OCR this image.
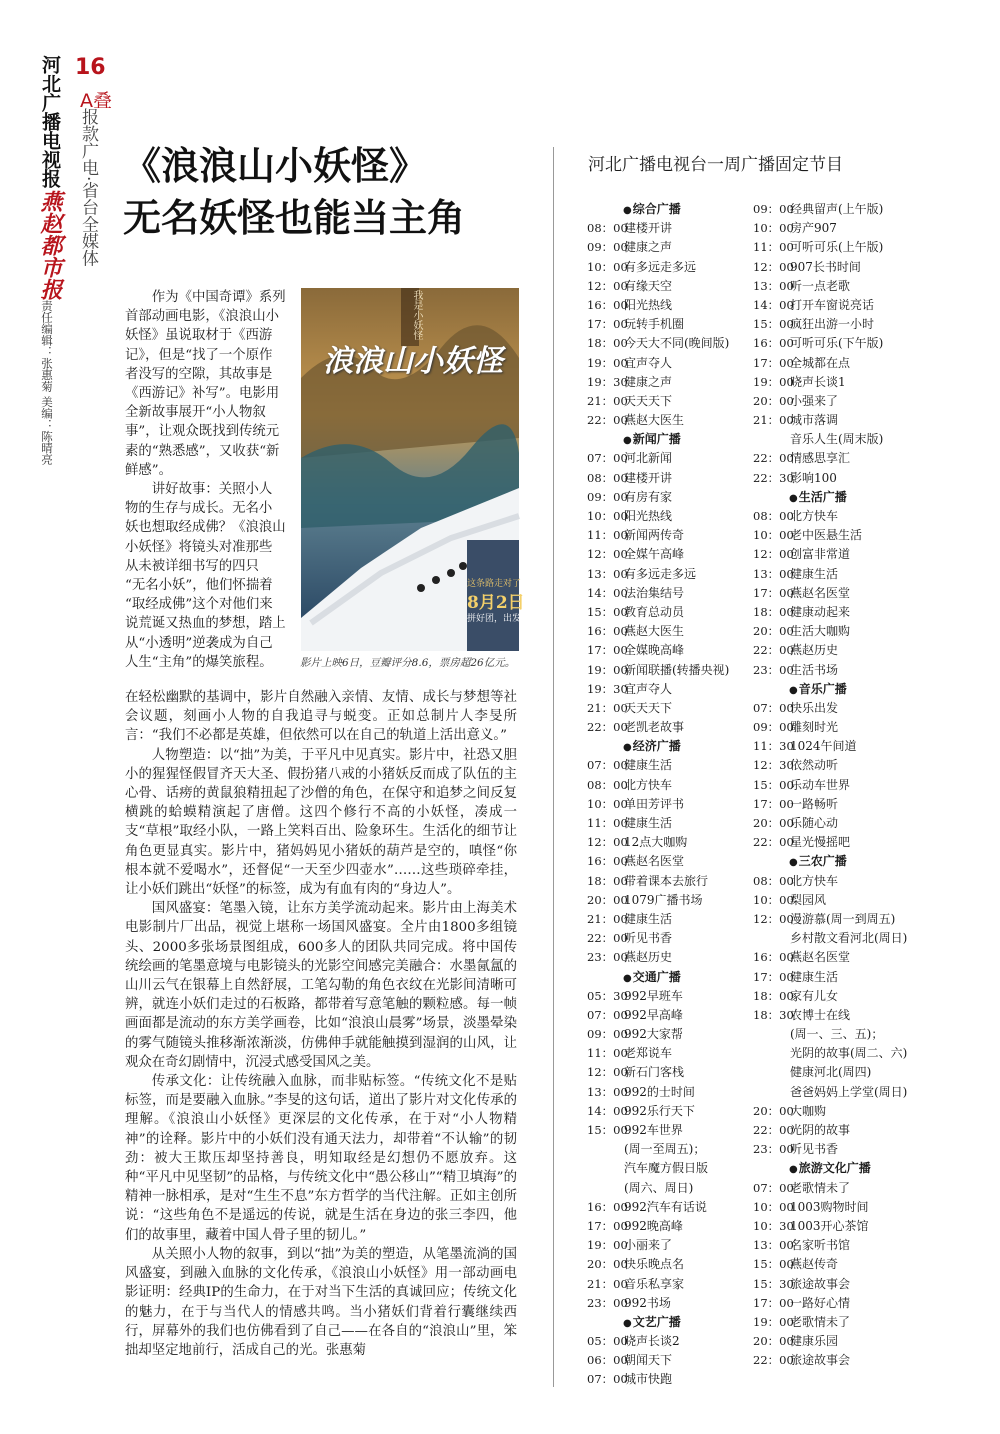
河北广播电视报
燕赵都市报
责任编辑：张惠菊 美编：陈晴亮
16
A叠
报款广电·省台全媒体 《浪浪山小妖怪》
无名妖怪也能当主角
作为《中国奇谭》系列
首部动画电影，《浪浪山小
妖怪》虽说取材于《西游
记》，但是“找了一个原作
者没写的空隙，其故事是
《西游记》补写”。电影用
全新故事展开“小人物叙
事”，让观众既找到传统元
素的“熟悉感”，又收获“新
鲜感”。
讲好故事：关照小人
物的生存与成长。无名小
妖也想取经成佛？《浪浪山
小妖怪》将镜头对准那些
从未被详细书写的四只
“无名小妖”，他们怀揣着
“取经成佛”这个对他们来
说荒诞又热血的梦想，踏上
从“小透明”逆袭成为自己
人生“主角”的爆笑旅程。
浪浪山小妖怪
我是小妖怪
这条路走对了
8月2日
拼好团，出发！
影片上映6日，豆瓣评分8.6，票房超26亿元。

在轻松幽默的基调中，影片自然融入亲情、友情、成长与梦想等社会议题，刻画小人物的自我追寻与蜕变。正如总制片人李旻所言：“我们不必都是英雄，但依然可以在自己的轨道上活出意义。”

人物塑造：以“拙”为美，于平凡中见真实。影片中，社恐又胆小的猩猩怪假冒齐天大圣、假扮猪八戒的小猪妖反而成了队伍的主心骨、话痨的黄鼠狼精扭起了沙僧的角色，在保守和追梦之间反复横跳的蛤蟆精演起了唐僧。这四个修行不高的小妖怪，凑成一支“草根”取经小队，一路上笑料百出、险象环生。生活化的细节让角色更显真实。影片中，猪妈妈见小猪妖的葫芦是空的，嗔怪“你根本就不爱喝水”，还督促“一天至少四壶水”……这些琐碎牵挂，让小妖们跳出“妖怪”的标签，成为有血有肉的“身边人”。

国风盛宴：笔墨入镜，让东方美学流动起来。影片由上海美术电影制片厂出品，视觉上堪称一场国风盛宴。全片由1800多组镜头、2000多张场景图组成，600多人的团队共同完成。将中国传统绘画的笔墨意境与电影镜头的光影空间感完美融合：水墨氤氲的山川云气在银幕上自然舒展，工笔勾勒的角色衣纹在光影间清晰可辨，就连小妖们走过的石板路，都带着写意笔触的颗粒感。每一帧画面都是流动的东方美学画卷，比如“浪浪山晨雾”场景，淡墨晕染的雾气随镜头推移渐浓渐淡，仿佛伸手就能触摸到湿润的山风，让观众在奇幻剧情中，沉浸式感受国风之美。

传承文化：让传统融入血脉，而非贴标签。“传统文化不是贴标签，而是要融入血脉。”李旻的这句话，道出了影片对文化传承的理解。《浪浪山小妖怪》更深层的文化传承，在于对“小人物精神”的诠释。影片中的小妖们没有通天法力，却带着“不认输”的韧劲：被大王欺压却坚持善良，明知取经是幻想仍不愿放弃。这种“平凡中见坚韧”的品格，与传统文化中“愚公移山”“精卫填海”的精神一脉相承，是对“生生不息”东方哲学的当代注解。正如主创所说：“这些角色不是遥远的传说，就是生活在身边的张三李四，他们的故事里，藏着中国人骨子里的韧儿。”

从关照小人物的叙事，到以“拙”为美的塑造，从笔墨流淌的国风盛宴，到融入血脉的文化传承，《浪浪山小妖怪》用一部动画电影证明：经典IP的生命力，在于对当下生活的真诚回应；传统文化的魅力，在于与当代人的情感共鸣。当小猪妖们背着行囊继续西行，屏幕外的我们也仿佛看到了自己——在各自的“浪浪山”里，笨拙却坚定地前行，活成自己的光。张惠菊

河北广播电视台一周广播固定节目
● 综合广播
08：00建楼开讲
09：00健康之声
10：00有多远走多远
12：00有缘天空
16：00阳光热线
17：00玩转手机圈
18：00今天大不同(晚间版)
19：00宜声夺人
19：30健康之声
21：00天天天下
22：00燕赵大医生
● 新闻广播
07：00河北新闻
08：00建楼开讲
09：00有房有家
10：00阳光热线
11：00新闻两传奇
12：00全媒午高峰
13：00有多远走多远
14：00法治集结号
15：00教育总动员
16：00燕赵大医生
17：00全媒晚高峰
19：00新闻联播(转播央视)
19：30宜声夺人
21：00天天天下
22：00老凯老故事
● 经济广播
07：00健康生活
08：00北方快车
10：00单田芳评书
11：00健康生活
12：0012点大咖购
16：00燕赵名医堂
18：00带着课本去旅行
20：001079广播书场
21：00健康生活
22：00听见书香
23：00燕赵历史
● 交通广播
05：30992早班车
07：00992早高峰
09：00992大家帮
11：00老郑说车
12：00新石门客栈
13：00992的士时间
14：00992乐行天下
15：00992车世界
(周一至周五)；
汽车魔方假日版
(周六、周日)
16：00992汽车有话说
17：00992晚高峰
19：00小丽来了
20：00快乐晚点名
21：00音乐私享家
23：00992书场
● 文艺广播
05：00晓声长谈2
06：00朝闻天下
07：00城市快跑
09：00经典留声(上午版)
10：00房产907
11：00可听可乐(上午版)
12：00907长书时间
13：00听一点老歌
14：00打开车窗说亮话
15：00疯狂出游一小时
16：00可听可乐(下午版)
17：00全城都在点
19：00晓声长谈1
20：00小强来了
21：00城市落调
音乐人生(周末版)
22：00情感思享汇
22：30影响100
● 生活广播
08：00北方快车
10：00老中医悬生活
12：00创富非常道
13：00健康生活
17：00燕赵名医堂
18：00健康动起来
20：00生活大咖购
22：00燕赵历史
23：00生活书场
● 音乐广播
07：00快乐出发
09：00雕刻时光
11：301024午间道
12：30依然动听
15：00乐动车世界
17：00一路畅听
20：00乐随心动
22：00星光慢摇吧
● 三农广播
08：00北方快车
10：00梨园风
12：00漫游慕(周一到周五)
乡村散文看河北(周日)
16：00燕赵名医堂
17：00健康生活
18：00家有儿女
18：30农博士在线
(周一、三、五)；
光阴的故事(周二、六)
健康河北(周四)
爸爸妈妈上学堂(周日)
20：00大咖购
22：00光阴的故事
23：00听见书香
● 旅游文化广播
07：00老歌情未了
10：001003购物时间
10：301003开心茶馆
13：00名家听书馆
15：00燕赵传奇
15：30旅途故事会
17：00一路好心情
19：00老歌情未了
20：00健康乐园
22：00旅途故事会
